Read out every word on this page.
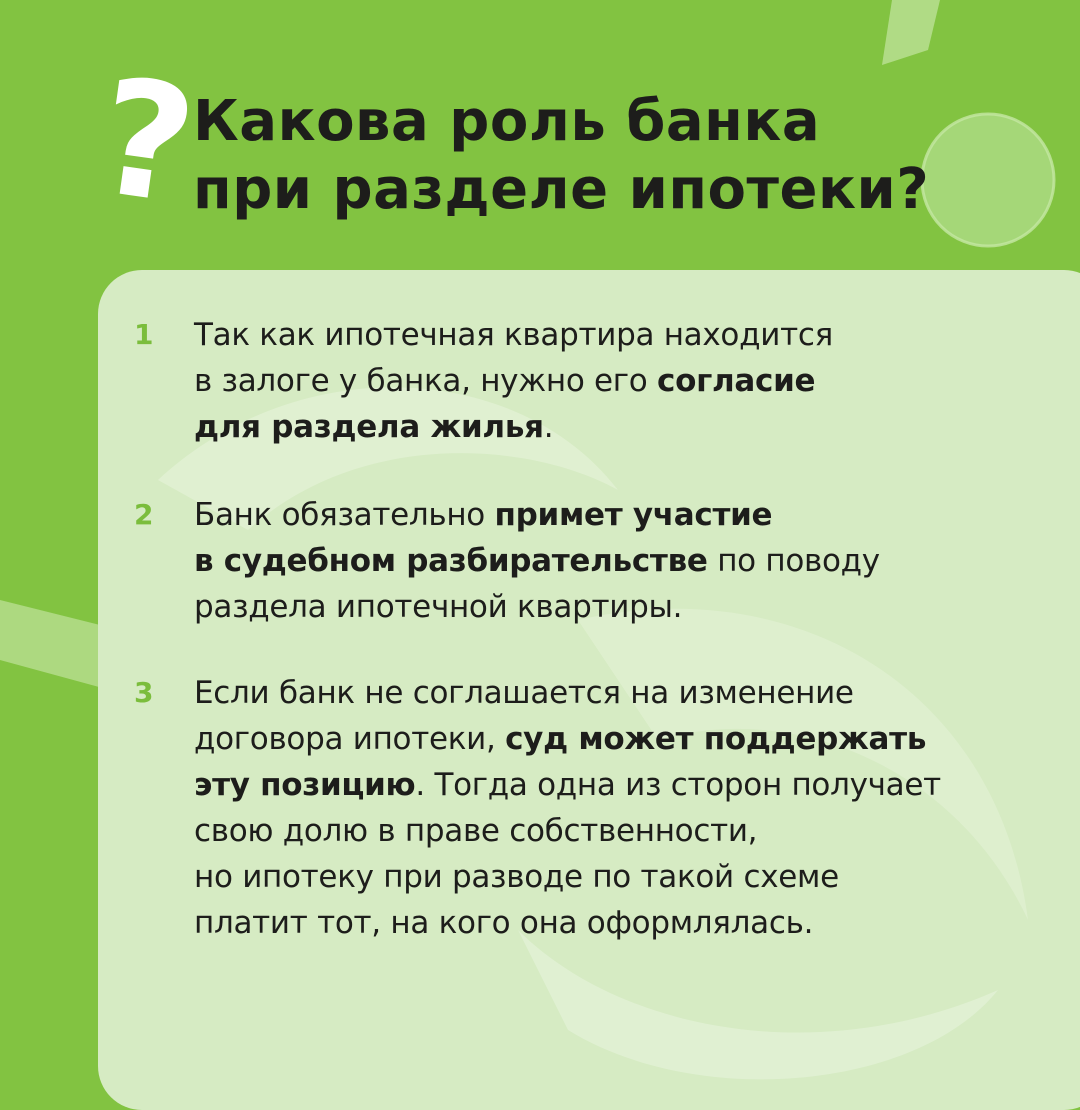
?
Какова роль банка
при разделе ипотеки?
1 Так как ипотечная квартира находится
в залоге у банка, нужно его согласие
для раздела жилья.

2 Банк обязательно примет участие
в судебном разбирательстве по поводу
раздела ипотечной квартиры.

3 Если банк не соглашается на изменение
договора ипотеки, суд может поддержать
эту позицию. Тогда одна из сторон получает
свою долю в праве собственности,
но ипотеку при разводе по такой схеме
платит тот, на кого она оформлялась.
